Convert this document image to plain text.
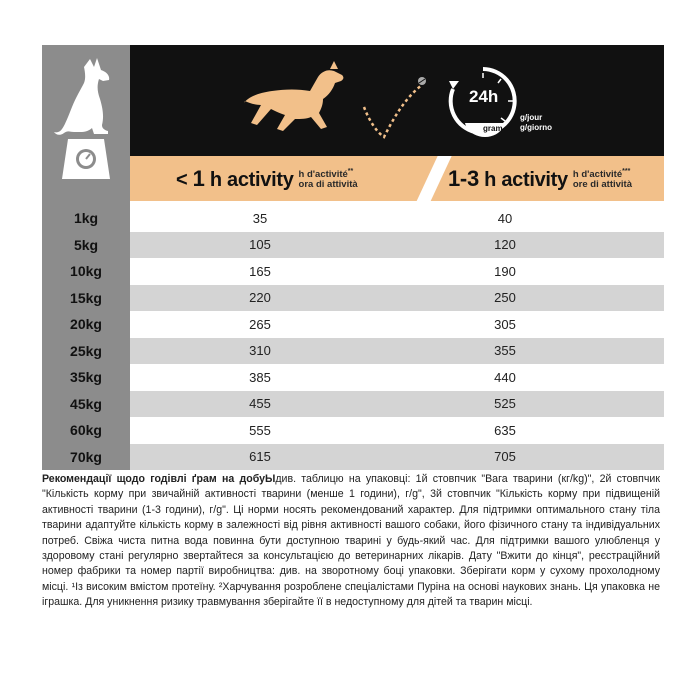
24h
gram
g/jour
g/giorno
< 1 h activity h d'activité**
ora di attività	1-3 h activity h d'activité***
ore di attività
1kg	35	40
5kg	105	120
10kg	165	190
15kg	220	250
20kg	265	305
25kg	310	355
35kg	385	440
45kg	455	525
60kg	555	635
70kg	615	705
Рекомендації щодо годівлі ґрам на добуЫдив. таблицю на упаковці: 1й стовпчик "Вага тварини (кг/kg)", 2й стовпчик "Кількість корму при звичайній активності тварини (менше 1 години), г/g", 3й стовпчик "Кількість корму при підвищеній активності тварини (1-3 години), г/g". Ці норми носять рекомендований характер. Для підтримки оптимального стану тіла тварини адаптуйте кількість корму в залежності від рівня активності вашого собаки, його фізичного стану та індивідуальних потреб. Свіжа чиста питна вода повинна бути доступною тварині у будь-який час. Для підтримки вашого улюбленця у здоровому стані регулярно звертайтеся за консультацією до ветеринарних лікарів. Дату "Вжити до кінця", реєстраційний номер фабрики та номер партії виробництва: див. на зворотному боці упаковки. Зберігати корм у сухому прохолодному місці. ¹Із високим вмістом протеїну. ²Харчування розроблене спеціалістами Пуріна на основі наукових знань. Ця упаковка не іграшка. Для уникнення ризику травмування зберігайте її в недоступному для дітей та тварин місці.
